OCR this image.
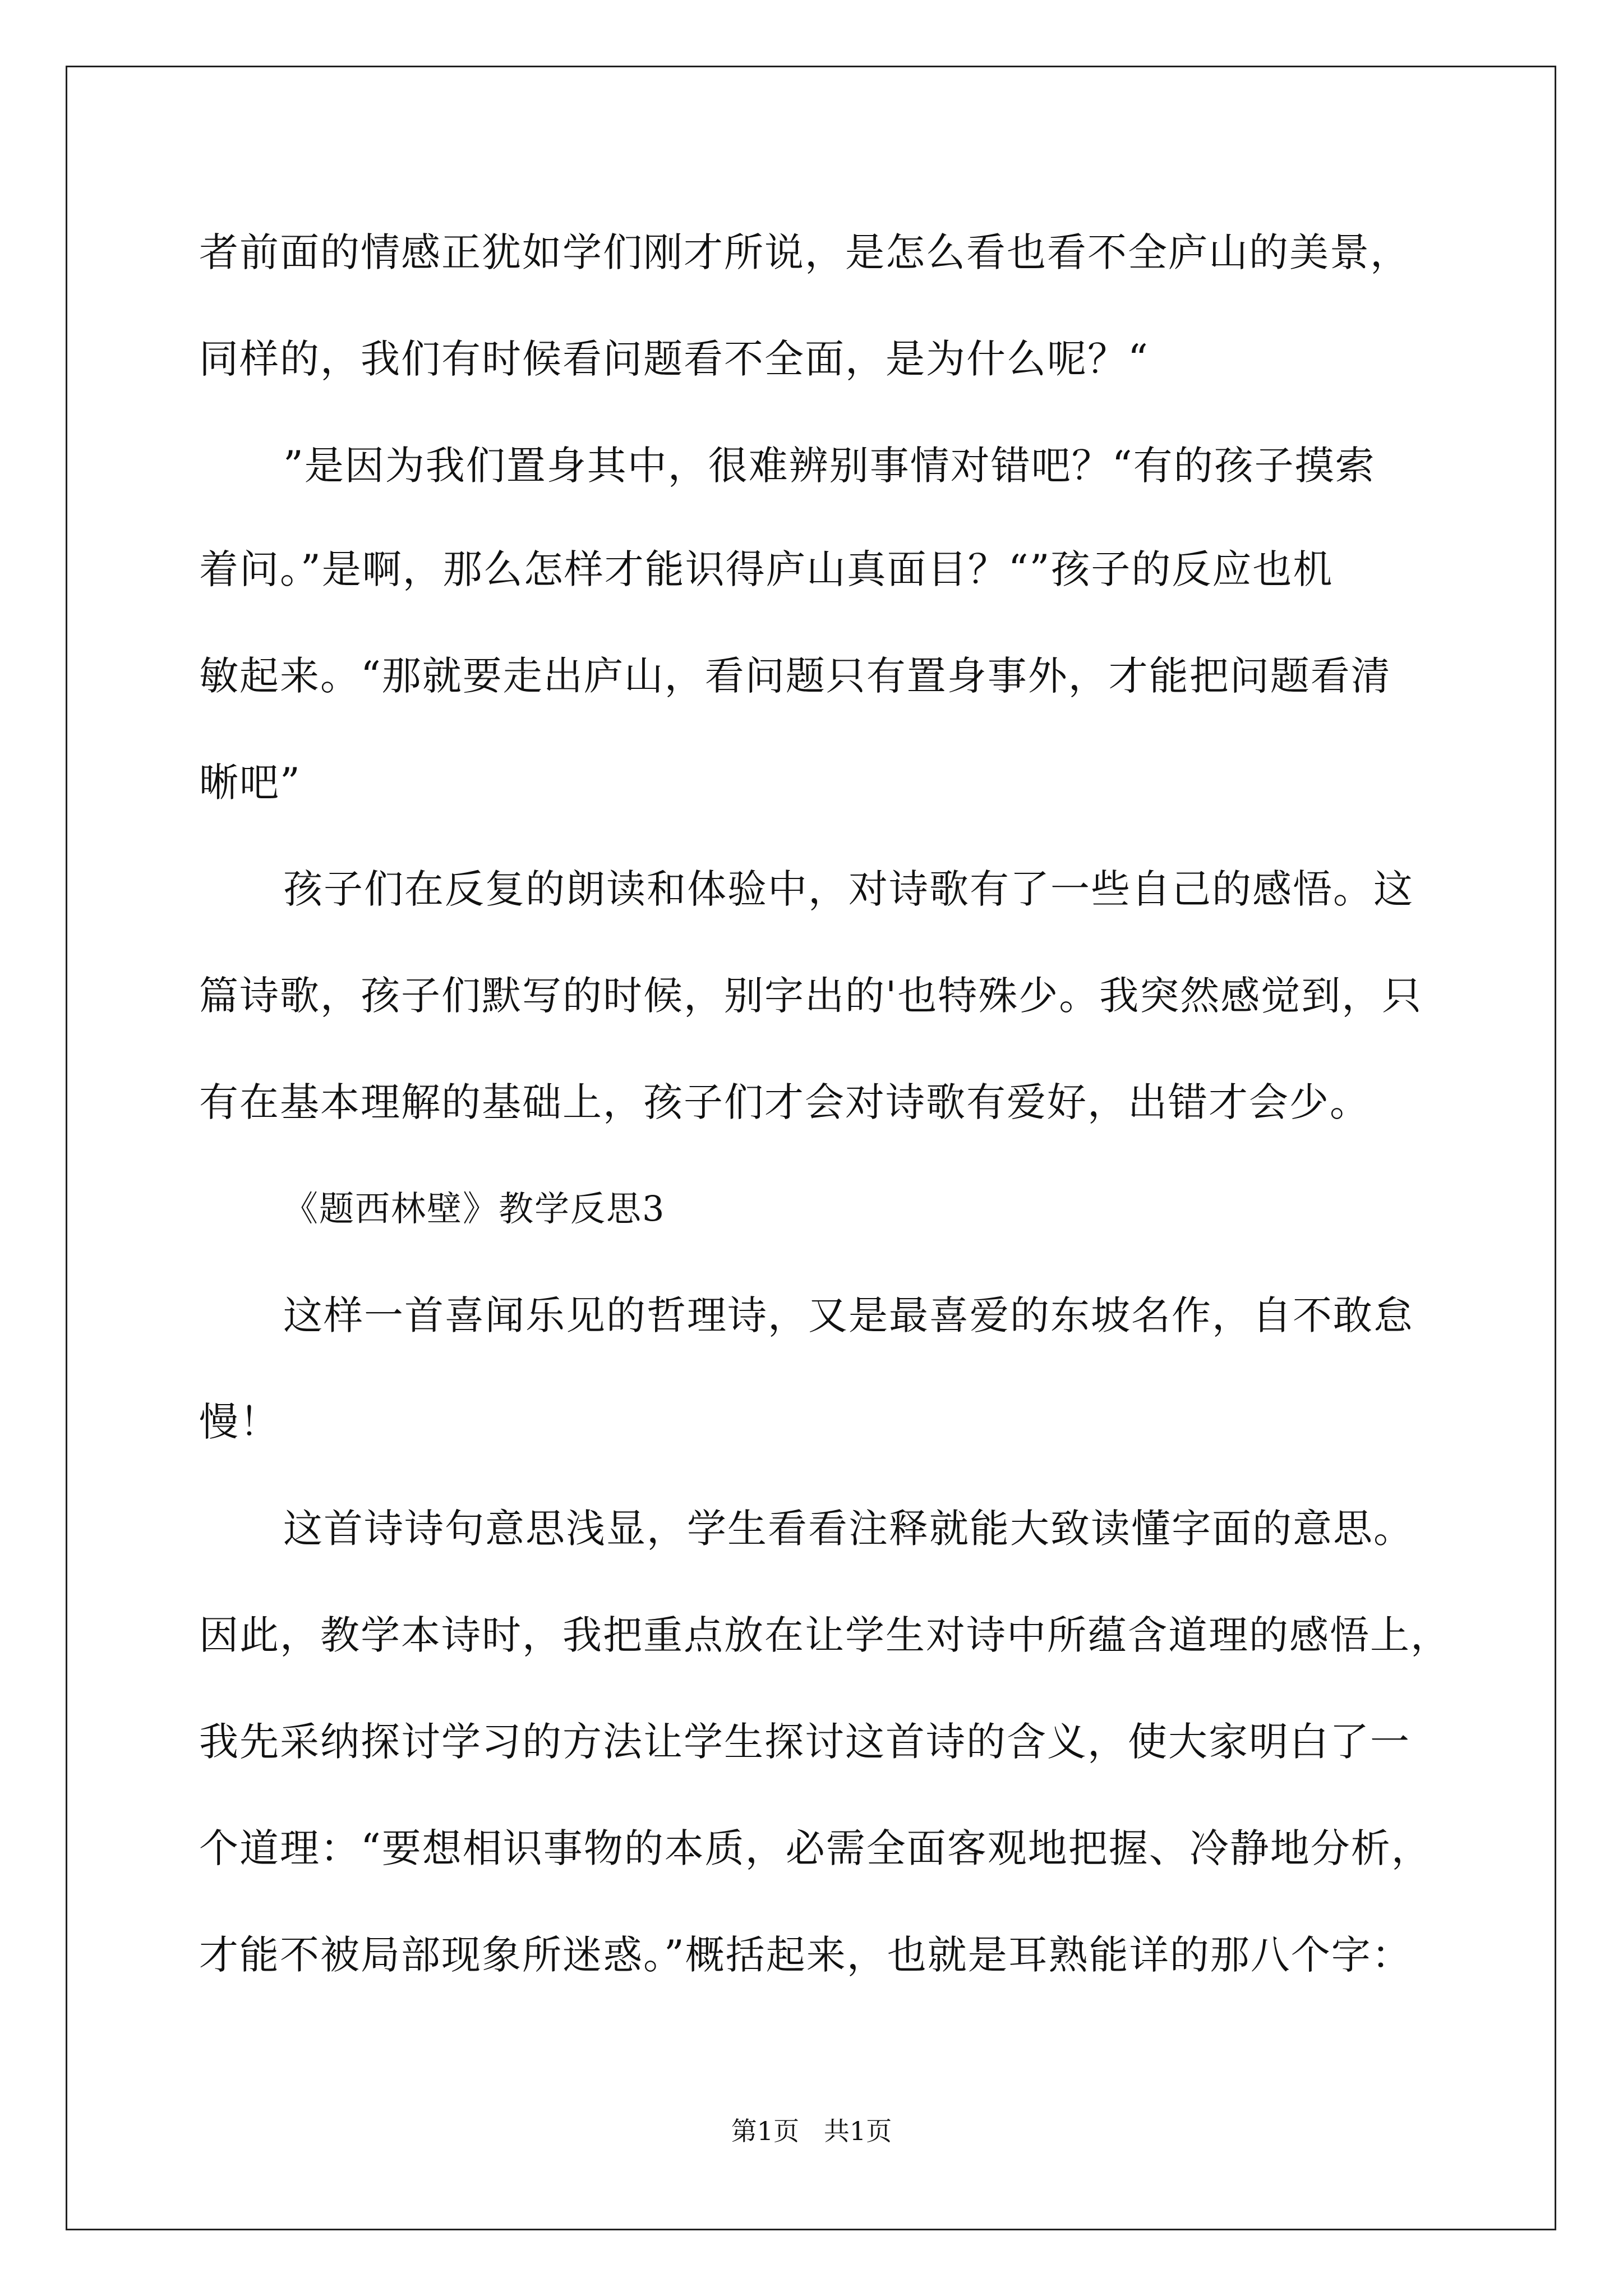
者前面的情感正犹如学们刚才所说，是怎么看也看不全庐山的美景，
同样的，我们有时候看问题看不全面，是为什么呢？“
”是因为我们置身其中，很难辨别事情对错吧？“有的孩子摸索
着问。”是啊，那么怎样才能识得庐山真面目？“”孩子的反应也机
敏起来。“那就要走出庐山，看问题只有置身事外，才能把问题看清
晰吧”
孩子们在反复的朗读和体验中，对诗歌有了一些自己的感悟。这
篇诗歌，孩子们默写的时候，别字出的'也特殊少。我突然感觉到，只
有在基本理解的基础上，孩子们才会对诗歌有爱好，出错才会少。
《题西林壁》教学反思3
这样一首喜闻乐见的哲理诗，又是最喜爱的东坡名作，自不敢怠
慢！
这首诗诗句意思浅显，学生看看注释就能大致读懂字面的意思。
因此，教学本诗时，我把重点放在让学生对诗中所蕴含道理的感悟上，
我先采纳探讨学习的方法让学生探讨这首诗的含义，使大家明白了一
个道理：“要想相识事物的本质，必需全面客观地把握、冷静地分析，
才能不被局部现象所迷惑。”概括起来，也就是耳熟能详的那八个字：
第1页   共1页
